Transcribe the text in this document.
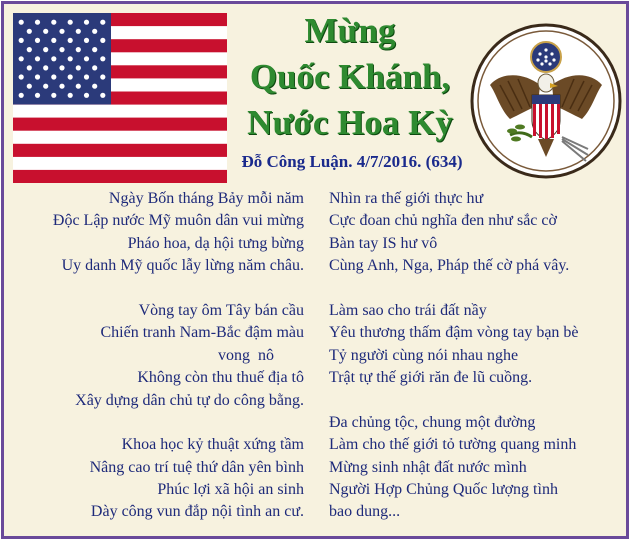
Mừng
Quốc Khánh,
Nước Hoa Kỳ
Đỗ Công Luận. 4/7/2016. (634)
Ngày Bốn tháng Bảy mỗi năm
Độc Lập nước Mỹ muôn dân vui mừng
Pháo hoa, dạ hội tưng bừng
Uy danh Mỹ quốc lẫy lừng năm châu.
Vòng tay ôm Tây bán cầu
Chiến tranh Nam-Bắc đậm màu
vong  nô
Không còn thu thuế địa tô
Xây dựng dân chủ tự do công bằng.
Khoa học kỷ thuật xứng tầm
Nâng cao trí tuệ thứ dân yên bình
Phúc lợi xã hội an sinh
Dày công vun đắp nội tình an cư.
Nhìn ra thế giới thực hư
Cực đoan chủ nghĩa đen như sắc cờ
Bàn tay IS hư vô
Cùng Anh, Nga, Pháp thế cờ phá vây.
Làm sao cho trái đất nầy
Yêu thương thấm đậm vòng tay bạn bè
Tỷ người cùng nói nhau nghe
Trật tự thế giới răn đe lũ cuồng.
Đa chủng tộc, chung một đường
Làm cho thế giới tỏ tường quang minh
Mừng sinh nhật đất nước mình
Người Hợp Chủng Quốc lượng tình
bao dung...
